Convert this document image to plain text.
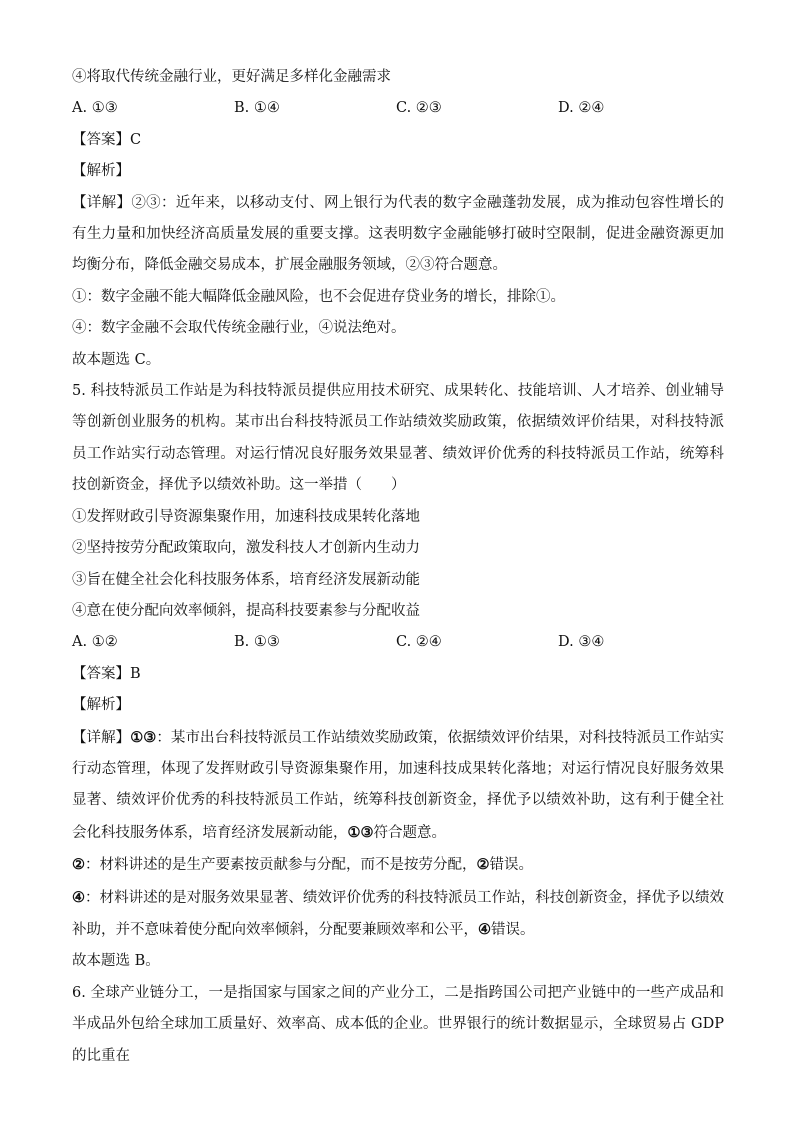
④将取代传统金融行业，更好满足多样化金融需求
A. ①③	B. ①④	C. ②③	D. ②④
【答案】C
【解析】
【详解】②③：近年来，以移动支付、网上银行为代表的数字金融蓬勃发展，成为推动包容性增长的有生力量和加快经济高质量发展的重要支撑。这表明数字金融能够打破时空限制，促进金融资源更加均衡分布，降低金融交易成本，扩展金融服务领域，②③符合题意。
①：数字金融不能大幅降低金融风险，也不会促进存贷业务的增长，排除①。
④：数字金融不会取代传统金融行业，④说法绝对。
故本题选 C。
5. 科技特派员工作站是为科技特派员提供应用技术研究、成果转化、技能培训、人才培养、创业辅导等创新创业服务的机构。某市出台科技特派员工作站绩效奖励政策，依据绩效评价结果，对科技特派员工作站实行动态管理。对运行情况良好服务效果显著、绩效评价优秀的科技特派员工作站，统筹科技创新资金，择优予以绩效补助。这一举措（　　）
①发挥财政引导资源集聚作用，加速科技成果转化落地
②坚持按劳分配政策取向，激发科技人才创新内生动力
③旨在健全社会化科技服务体系，培育经济发展新动能
④意在使分配向效率倾斜，提高科技要素参与分配收益
A. ①②	B. ①③	C. ②④	D. ③④
【答案】B
【解析】
【详解】①③：某市出台科技特派员工作站绩效奖励政策，依据绩效评价结果，对科技特派员工作站实行动态管理，体现了发挥财政引导资源集聚作用，加速科技成果转化落地；对运行情况良好服务效果显著、绩效评价优秀的科技特派员工作站，统筹科技创新资金，择优予以绩效补助，这有利于健全社会化科技服务体系，培育经济发展新动能，①③符合题意。
②：材料讲述的是生产要素按贡献参与分配，而不是按劳分配，②错误。
④：材料讲述的是对服务效果显著、绩效评价优秀的科技特派员工作站，科技创新资金，择优予以绩效补助，并不意味着使分配向效率倾斜，分配要兼顾效率和公平，④错误。
故本题选 B。
6. 全球产业链分工，一是指国家与国家之间的产业分工，二是指跨国公司把产业链中的一些产成品和半成品外包给全球加工质量好、效率高、成本低的企业。世界银行的统计数据显示，全球贸易占 GDP 的比重在
